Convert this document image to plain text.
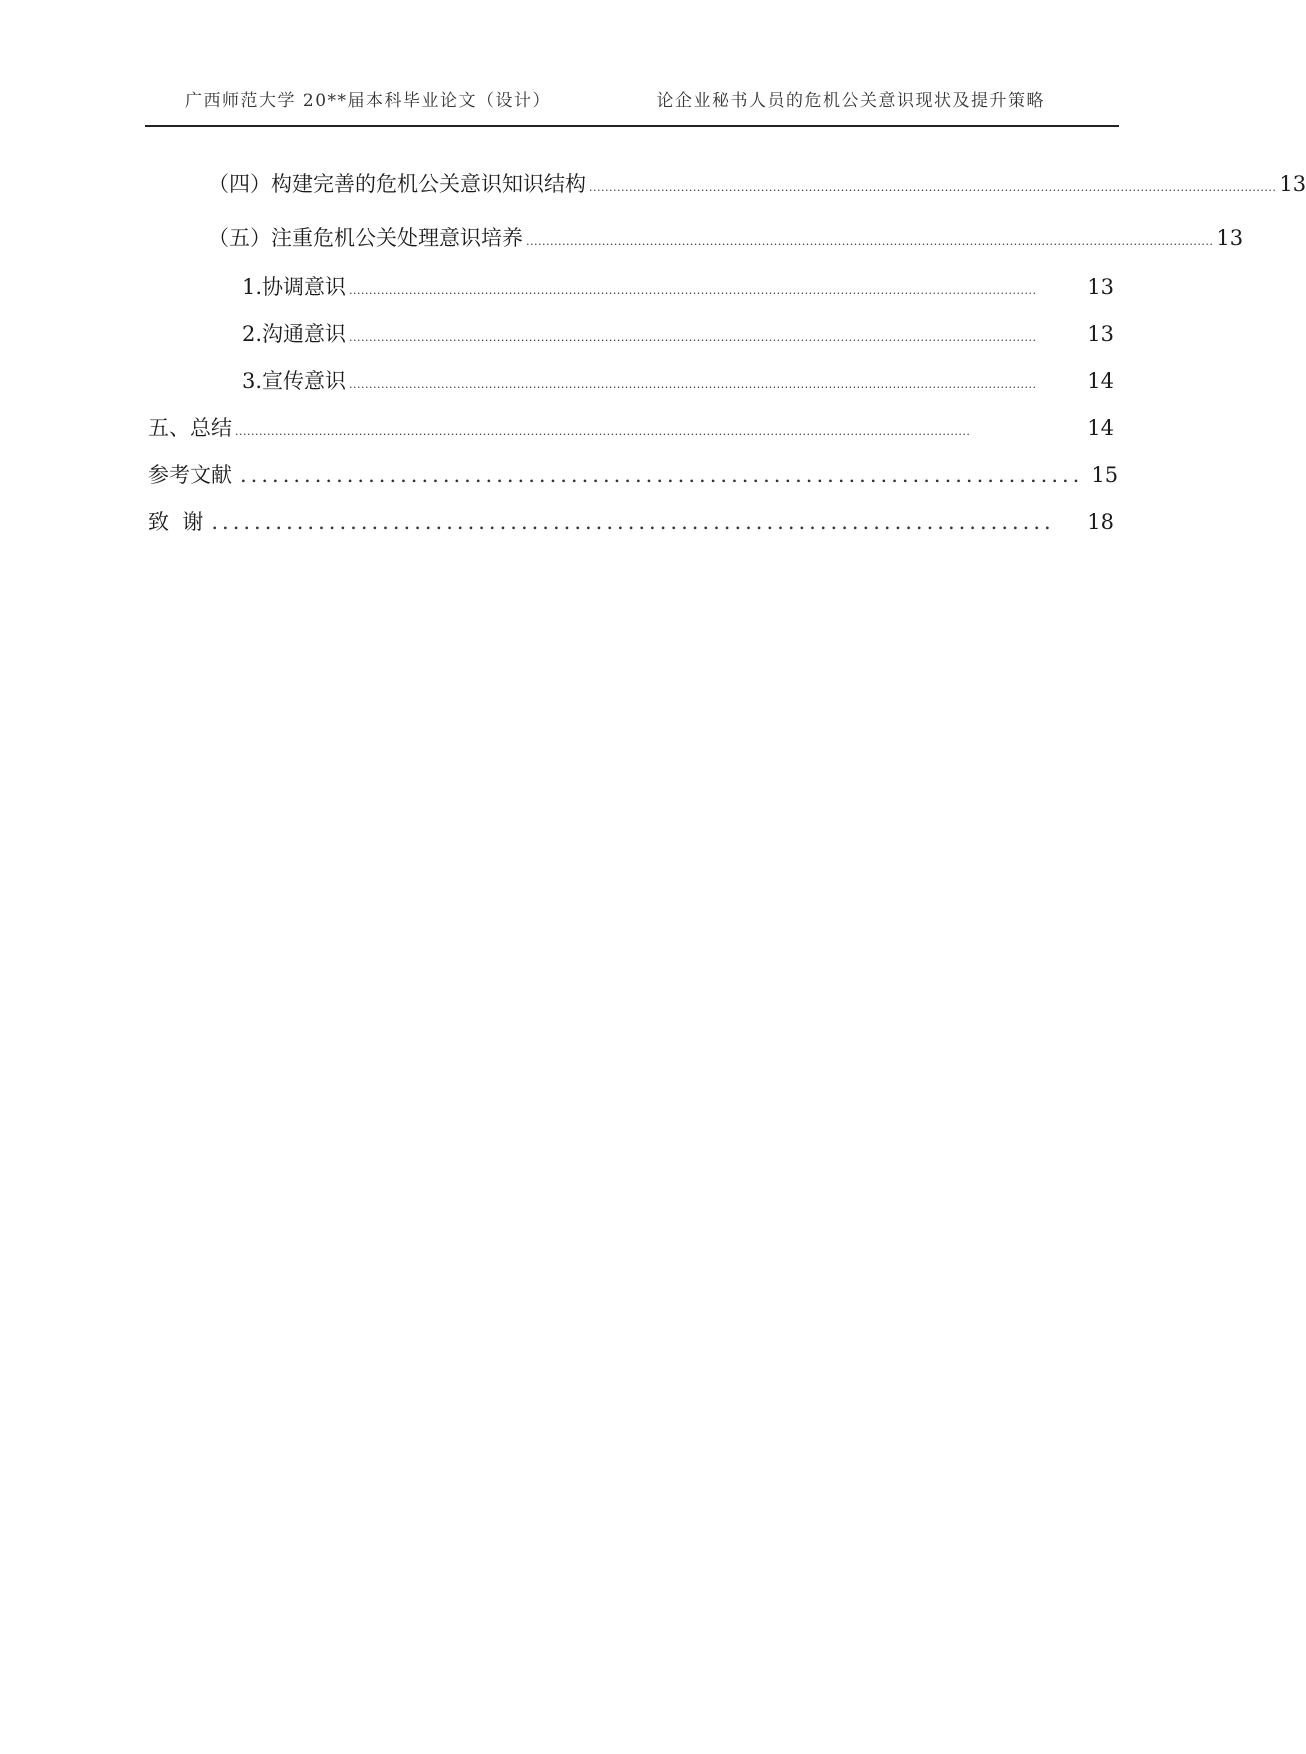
广西师范大学 20**届本科毕业论文（设计）	论企业秘书人员的危机公关意识现状及提升策略
（四）构建完善的危机公关意识知识结构 ............................................................................................................................................................................ 13
（五）注重危机公关处理意识培养 ............................................................................................................................................................................ 13
1.协调意识 ............................................................................................................................................................................	13
2.沟通意识 ............................................................................................................................................................................	13
3.宣传意识 ............................................................................................................................................................................	14
五、总结 ........................................................................................................................................................................................	14
参考文献 ............................................................................... 15
致  谢 ...............................................................................	18
